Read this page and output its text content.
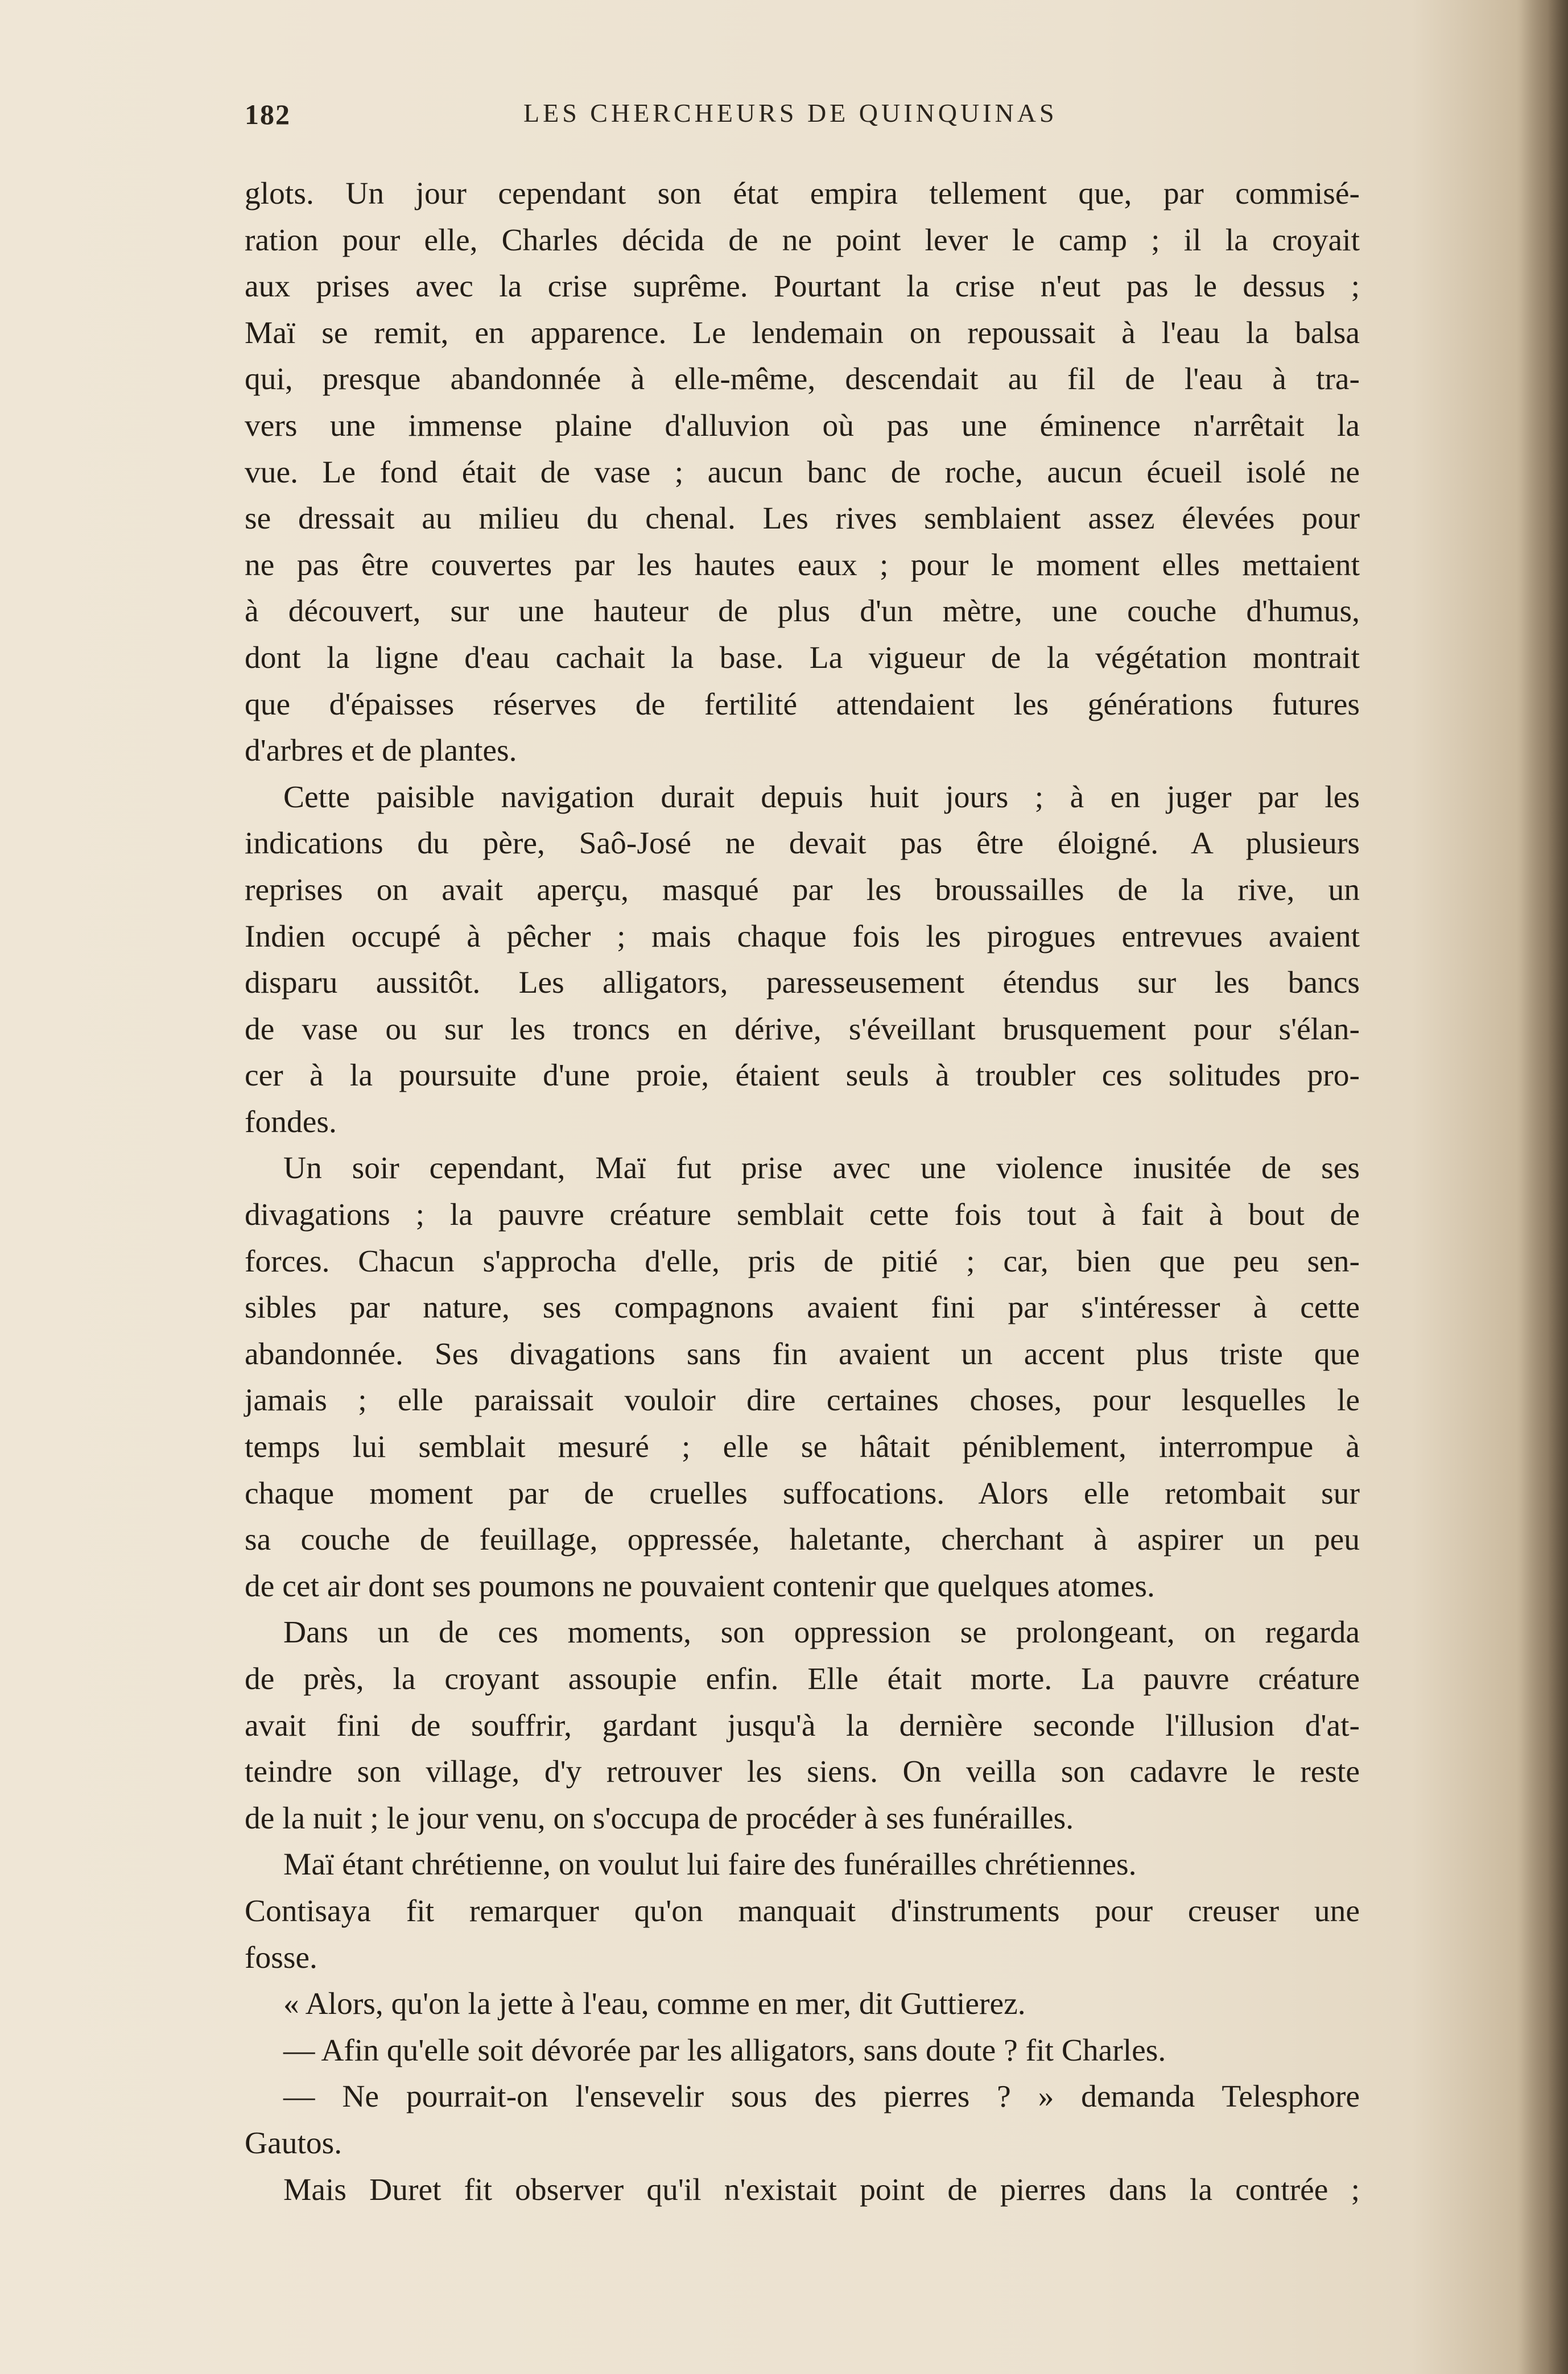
182	LES CHERCHEURS DE QUINQUINAS
glots. Un jour cependant son état empira tellement que, par commisé-
ration pour elle, Charles décida de ne point lever le camp ; il la croyait
aux prises avec la crise suprême. Pourtant la crise n'eut pas le dessus ;
Maï se remit, en apparence. Le lendemain on repoussait à l'eau la balsa
qui, presque abandonnée à elle-même, descendait au fil de l'eau à tra-
vers une immense plaine d'alluvion où pas une éminence n'arrêtait la
vue. Le fond était de vase ; aucun banc de roche, aucun écueil isolé ne
se dressait au milieu du chenal. Les rives semblaient assez élevées pour
ne pas être couvertes par les hautes eaux ; pour le moment elles mettaient
à découvert, sur une hauteur de plus d'un mètre, une couche d'humus,
dont la ligne d'eau cachait la base. La vigueur de la végétation montrait
que d'épaisses réserves de fertilité attendaient les générations futures
d'arbres et de plantes.
Cette paisible navigation durait depuis huit jours ; à en juger par les
indications du père, Saô-José ne devait pas être éloigné. A plusieurs
reprises on avait aperçu, masqué par les broussailles de la rive, un
Indien occupé à pêcher ; mais chaque fois les pirogues entrevues avaient
disparu aussitôt. Les alligators, paresseusement étendus sur les bancs
de vase ou sur les troncs en dérive, s'éveillant brusquement pour s'élan-
cer à la poursuite d'une proie, étaient seuls à troubler ces solitudes pro-
fondes.
Un soir cependant, Maï fut prise avec une violence inusitée de ses
divagations ; la pauvre créature semblait cette fois tout à fait à bout de
forces. Chacun s'approcha d'elle, pris de pitié ; car, bien que peu sen-
sibles par nature, ses compagnons avaient fini par s'intéresser à cette
abandonnée. Ses divagations sans fin avaient un accent plus triste que
jamais ; elle paraissait vouloir dire certaines choses, pour lesquelles le
temps lui semblait mesuré ; elle se hâtait péniblement, interrompue à
chaque moment par de cruelles suffocations. Alors elle retombait sur
sa couche de feuillage, oppressée, haletante, cherchant à aspirer un peu
de cet air dont ses poumons ne pouvaient contenir que quelques atomes.
Dans un de ces moments, son oppression se prolongeant, on regarda
de près, la croyant assoupie enfin. Elle était morte. La pauvre créature
avait fini de souffrir, gardant jusqu'à la dernière seconde l'illusion d'at-
teindre son village, d'y retrouver les siens. On veilla son cadavre le reste
de la nuit ; le jour venu, on s'occupa de procéder à ses funérailles.
Maï étant chrétienne, on voulut lui faire des funérailles chrétiennes.
Contisaya fit remarquer qu'on manquait d'instruments pour creuser une
fosse.
« Alors, qu'on la jette à l'eau, comme en mer, dit Guttierez.
— Afin qu'elle soit dévorée par les alligators, sans doute ? fit Charles.
— Ne pourrait-on l'ensevelir sous des pierres ? » demanda Telesphore
Gautos.
Mais Duret fit observer qu'il n'existait point de pierres dans la contrée ;
